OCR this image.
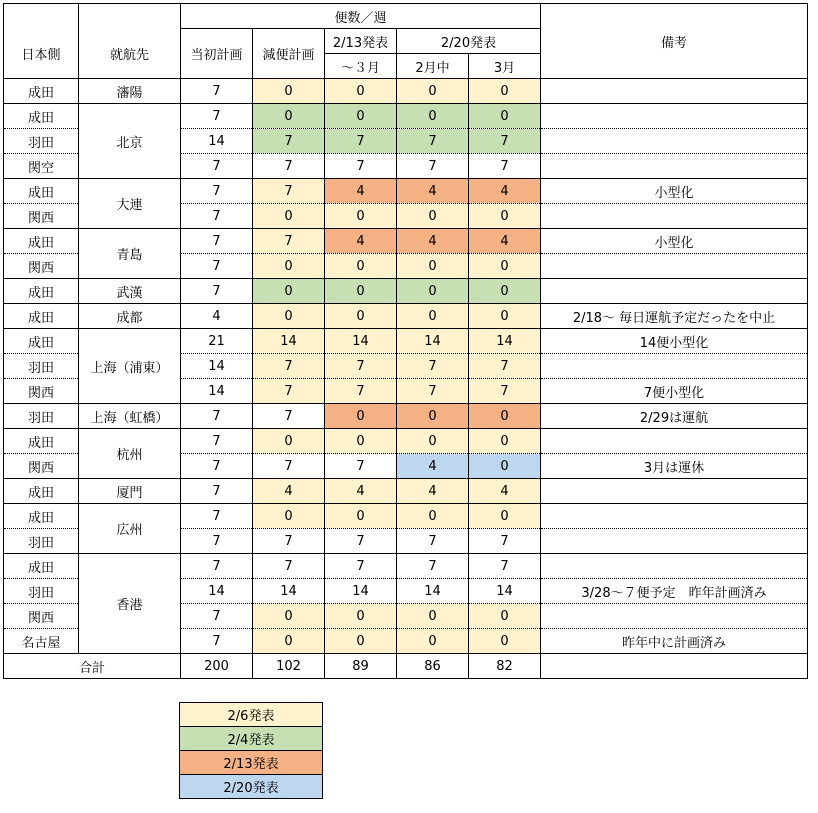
		便数／週					備考
日本側	就航先	当初計画	減便計画	2/13発表	2/20発表		
				～３月	2月中	3月	
成田	瀋陽	7	0	0	0	0	
成田	北京	7	0	0	0	0	
羽田		14	7	7	7	7	
関空		7	7	7	7	7	
成田	大連	7	7	4	4	4	小型化
関西		7	0	0	0	0	
成田	青島	7	7	4	4	4	小型化
関西		7	0	0	0	0	
成田	武漢	7	0	0	0	0	
成田	成都	4	0	0	0	0	2/18～ 毎日運航予定だったを中止
成田	上海（浦東）	21	14	14	14	14	14便小型化
羽田		14	7	7	7	7	
関西		14	7	7	7	7	7便小型化
羽田	上海（虹橋）	7	7	0	0	0	2/29は運航
成田	杭州	7	0	0	0	0	
関西		7	7	7	4	0	3月は運休
成田	厦門	7	4	4	4	4	
成田	広州	7	0	0	0	0	
羽田		7	7	7	7	7	
成田	香港	7	7	7	7	7	
羽田		14	14	14	14	14	3/28～７便予定　昨年計画済み
関西		7	0	0	0	0	
名古屋		7	0	0	0	0	昨年中に計画済み
合計		200	102	89	86	82	
2/6発表
2/4発表
2/13発表
2/20発表
